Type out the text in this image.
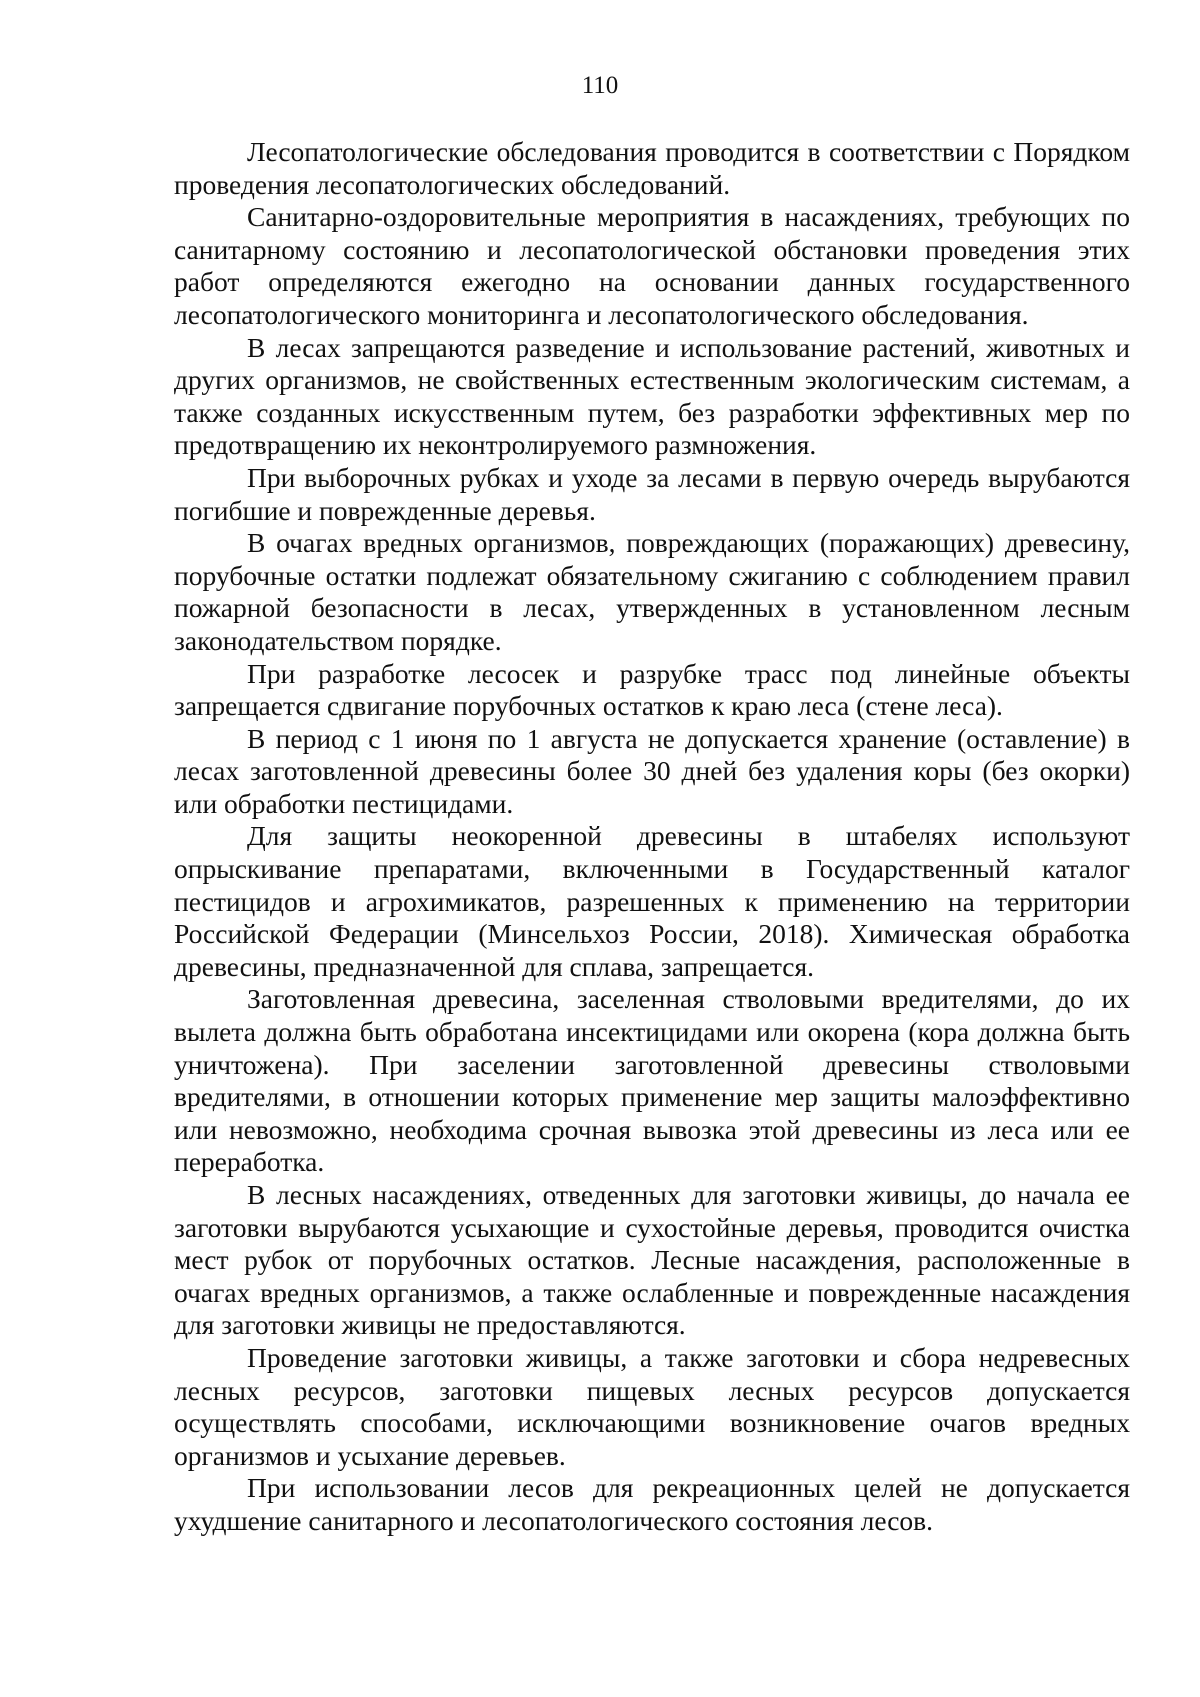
110

Лесопатологические обследования проводится в соответствии с Порядком проведения лесопатологических обследований.

Санитарно-оздоровительные мероприятия в насаждениях, требующих по санитарному состоянию и лесопатологической обстановки проведения этих работ определяются ежегодно на основании данных государственного лесопатологического мониторинга и лесопатологического обследования.

В лесах запрещаются разведение и использование растений, животных и других организмов, не свойственных естественным экологическим системам, а также созданных искусственным путем, без разработки эффективных мер по предотвращению их неконтролируемого размножения.

При выборочных рубках и уходе за лесами в первую очередь вырубаются погибшие и поврежденные деревья.

В очагах вредных организмов, повреждающих (поражающих) древесину, порубочные остатки подлежат обязательному сжиганию с соблюдением правил пожарной безопасности в лесах, утвержденных в установленном лесным законодательством порядке.

При разработке лесосек и разрубке трасс под линейные объекты запрещается сдвигание порубочных остатков к краю леса (стене леса).

В период с 1 июня по 1 августа не допускается хранение (оставление) в лесах заготовленной древесины более 30 дней без удаления коры (без окорки) или обработки пестицидами.

Для защиты неокоренной древесины в штабелях используют опрыскивание препаратами, включенными в Государственный каталог пестицидов и агрохимикатов, разрешенных к применению на территории Российской Федерации (Минсельхоз России, 2018). Химическая обработка древесины, предназначенной для сплава, запрещается.

Заготовленная древесина, заселенная стволовыми вредителями, до их вылета должна быть обработана инсектицидами или окорена (кора должна быть уничтожена). При заселении заготовленной древесины стволовыми вредителями, в отношении которых применение мер защиты малоэффективно или невозможно, необходима срочная вывозка этой древесины из леса или ее переработка.

В лесных насаждениях, отведенных для заготовки живицы, до начала ее заготовки вырубаются усыхающие и сухостойные деревья, проводится очистка мест рубок от порубочных остатков. Лесные насаждения, расположенные в очагах вредных организмов, а также ослабленные и поврежденные насаждения для заготовки живицы не предоставляются.

Проведение заготовки живицы, а также заготовки и сбора недревесных лесных ресурсов, заготовки пищевых лесных ресурсов допускается осуществлять способами, исключающими возникновение очагов вредных организмов и усыхание деревьев.

При использовании лесов для рекреационных целей не допускается ухудшение санитарного и лесопатологического состояния лесов.
